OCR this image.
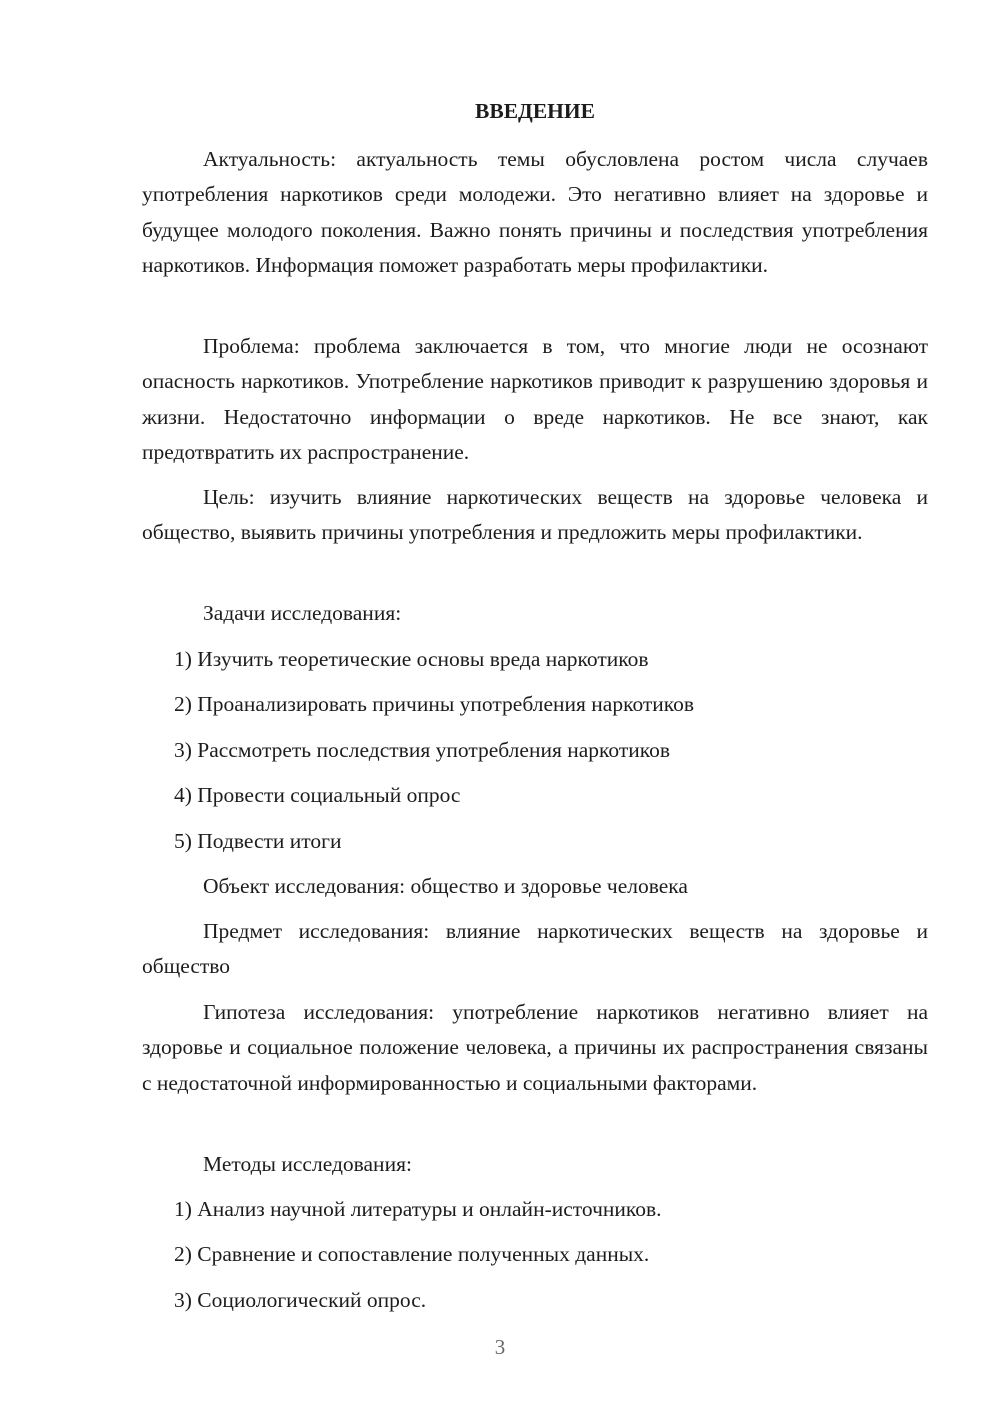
ВВЕДЕНИЕ

Актуальность: актуальность темы обусловлена ростом числа случаев употребления наркотиков среди молодежи. Это негативно влияет на здоровье и будущее молодого поколения. Важно понять причины и последствия употребления наркотиков. Информация поможет разработать меры профилактики.

Проблема: проблема заключается в том, что многие люди не осознают опасность наркотиков. Употребление наркотиков приводит к разрушению здоровья и жизни. Недостаточно информации о вреде наркотиков. Не все знают, как предотвратить их распространение.

Цель: изучить влияние наркотических веществ на здоровье человека и общество, выявить причины употребления и предложить меры профилактики.

Задачи исследования:

1) Изучить теоретические основы вреда наркотиков

2) Проанализировать причины употребления наркотиков

3) Рассмотреть последствия употребления наркотиков

4) Провести социальный опрос

5) Подвести итоги

Объект исследования: общество и здоровье человека

Предмет исследования: влияние наркотических веществ на здоровье и общество

Гипотеза исследования: употребление наркотиков негативно влияет на здоровье и социальное положение человека, а причины их распространения связаны с недостаточной информированностью и социальными факторами.

Методы исследования:

1) Анализ научной литературы и онлайн-источников.

2) Сравнение и сопоставление полученных данных.

3) Социологический опрос.

3
